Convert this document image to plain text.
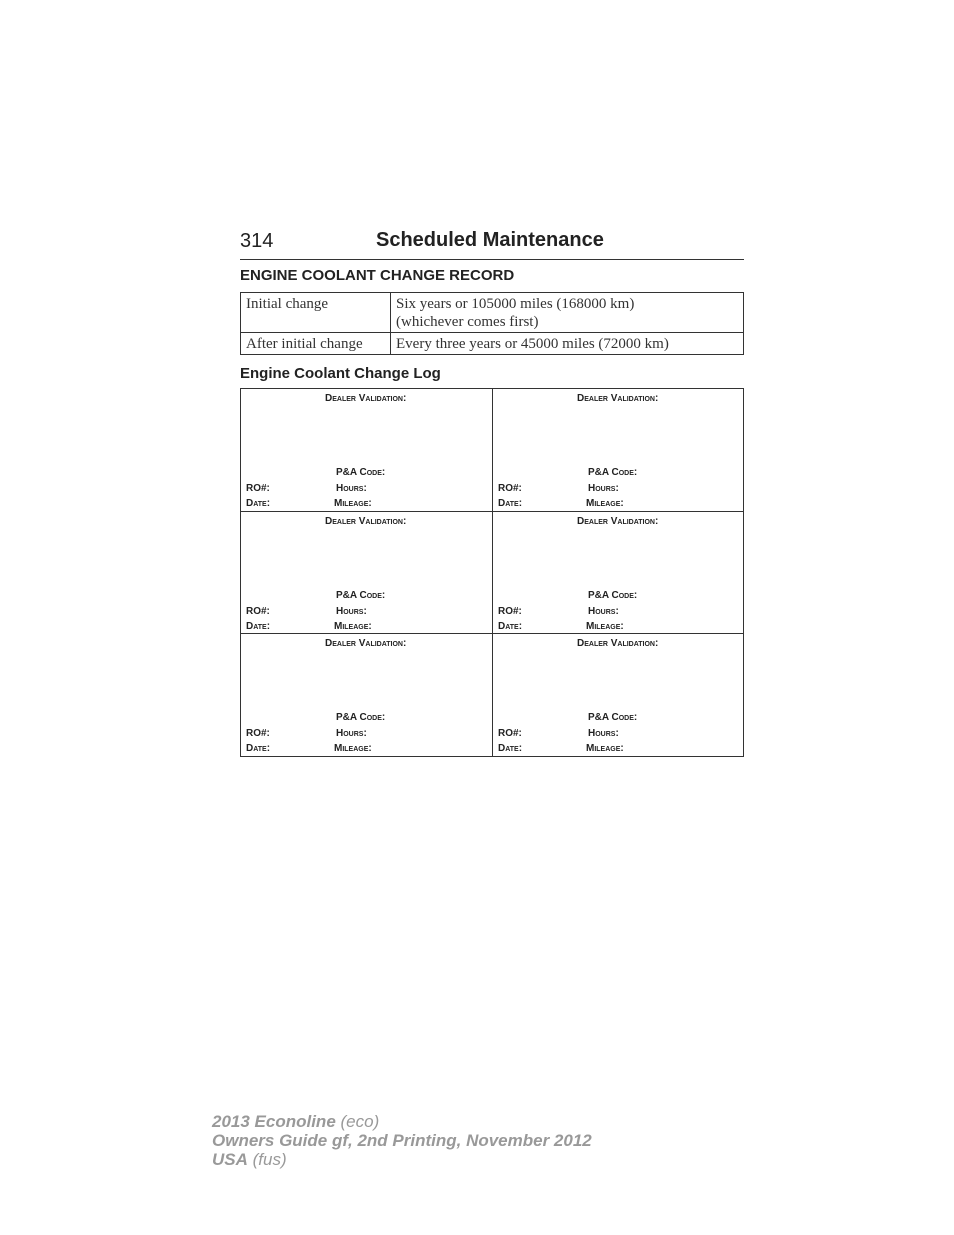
314	Scheduled Maintenance
ENGINE COOLANT CHANGE RECORD
Initial change	Six years or 105000 miles (168000 km)
(whichever comes first)

After initial change	Every three years or 45000 miles (72000 km)
Engine Coolant Change Log
Dealer Validation:
P&A Code:
RO#:	Hours:
Date:	Mileage:
Dealer Validation:
P&A Code:
RO#:	Hours:
Date:	Mileage:
Dealer Validation:
P&A Code:
RO#:	Hours:
Date:	Mileage:
Dealer Validation:
P&A Code:
RO#:	Hours:
Date:	Mileage:
Dealer Validation:
P&A Code:
RO#:	Hours:
Date:	Mileage:
Dealer Validation:
P&A Code:
RO#:	Hours:
Date:	Mileage:
2013 Econoline (eco)
Owners Guide gf, 2nd Printing, November 2012
USA (fus)
